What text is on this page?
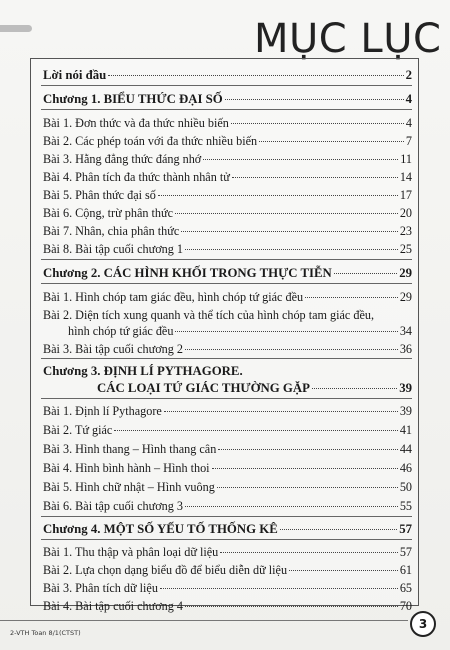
MỤC LỤC
Lời nói đầu	2
Chương 1. BIỂU THỨC ĐẠI SỐ	4
Bài 1. Đơn thức và đa thức nhiều biến	4
Bài 2. Các phép toán với đa thức nhiều biến	7
Bài 3. Hằng đẳng thức đáng nhớ	11
Bài 4. Phân tích đa thức thành nhân tử	14
Bài 5. Phân thức đại số	17
Bài 6. Cộng, trừ phân thức	20
Bài 7. Nhân, chia phân thức	23
Bài 8. Bài tập cuối chương 1	25
Chương 2. CÁC HÌNH KHỐI TRONG THỰC TIỄN	29
Bài 1. Hình chóp tam giác đều, hình chóp tứ giác đều	29
Bài 2. Diện tích xung quanh và thể tích của hình chóp tam giác đều,
hình chóp tứ giác đều	34
Bài 3. Bài tập cuối chương 2	36
Chương 3. ĐỊNH LÍ PYTHAGORE.
CÁC LOẠI TỨ GIÁC THƯỜNG GẶP	39
Bài 1. Định lí Pythagore	39
Bài 2. Tứ giác	41
Bài 3. Hình thang – Hình thang cân	44
Bài 4. Hình bình hành – Hình thoi	46
Bài 5. Hình chữ nhật – Hình vuông	50
Bài 6. Bài tập cuối chương 3	55
Chương 4. MỘT SỐ YẾU TỐ THỐNG KÊ	57
Bài 1. Thu thập và phân loại dữ liệu	57
Bài 2. Lựa chọn dạng biểu đồ để biểu diễn dữ liệu	61
Bài 3. Phân tích dữ liệu	65
Bài 4. Bài tập cuối chương 4	70
2-VTH Toan 8/1(CTST)
3
